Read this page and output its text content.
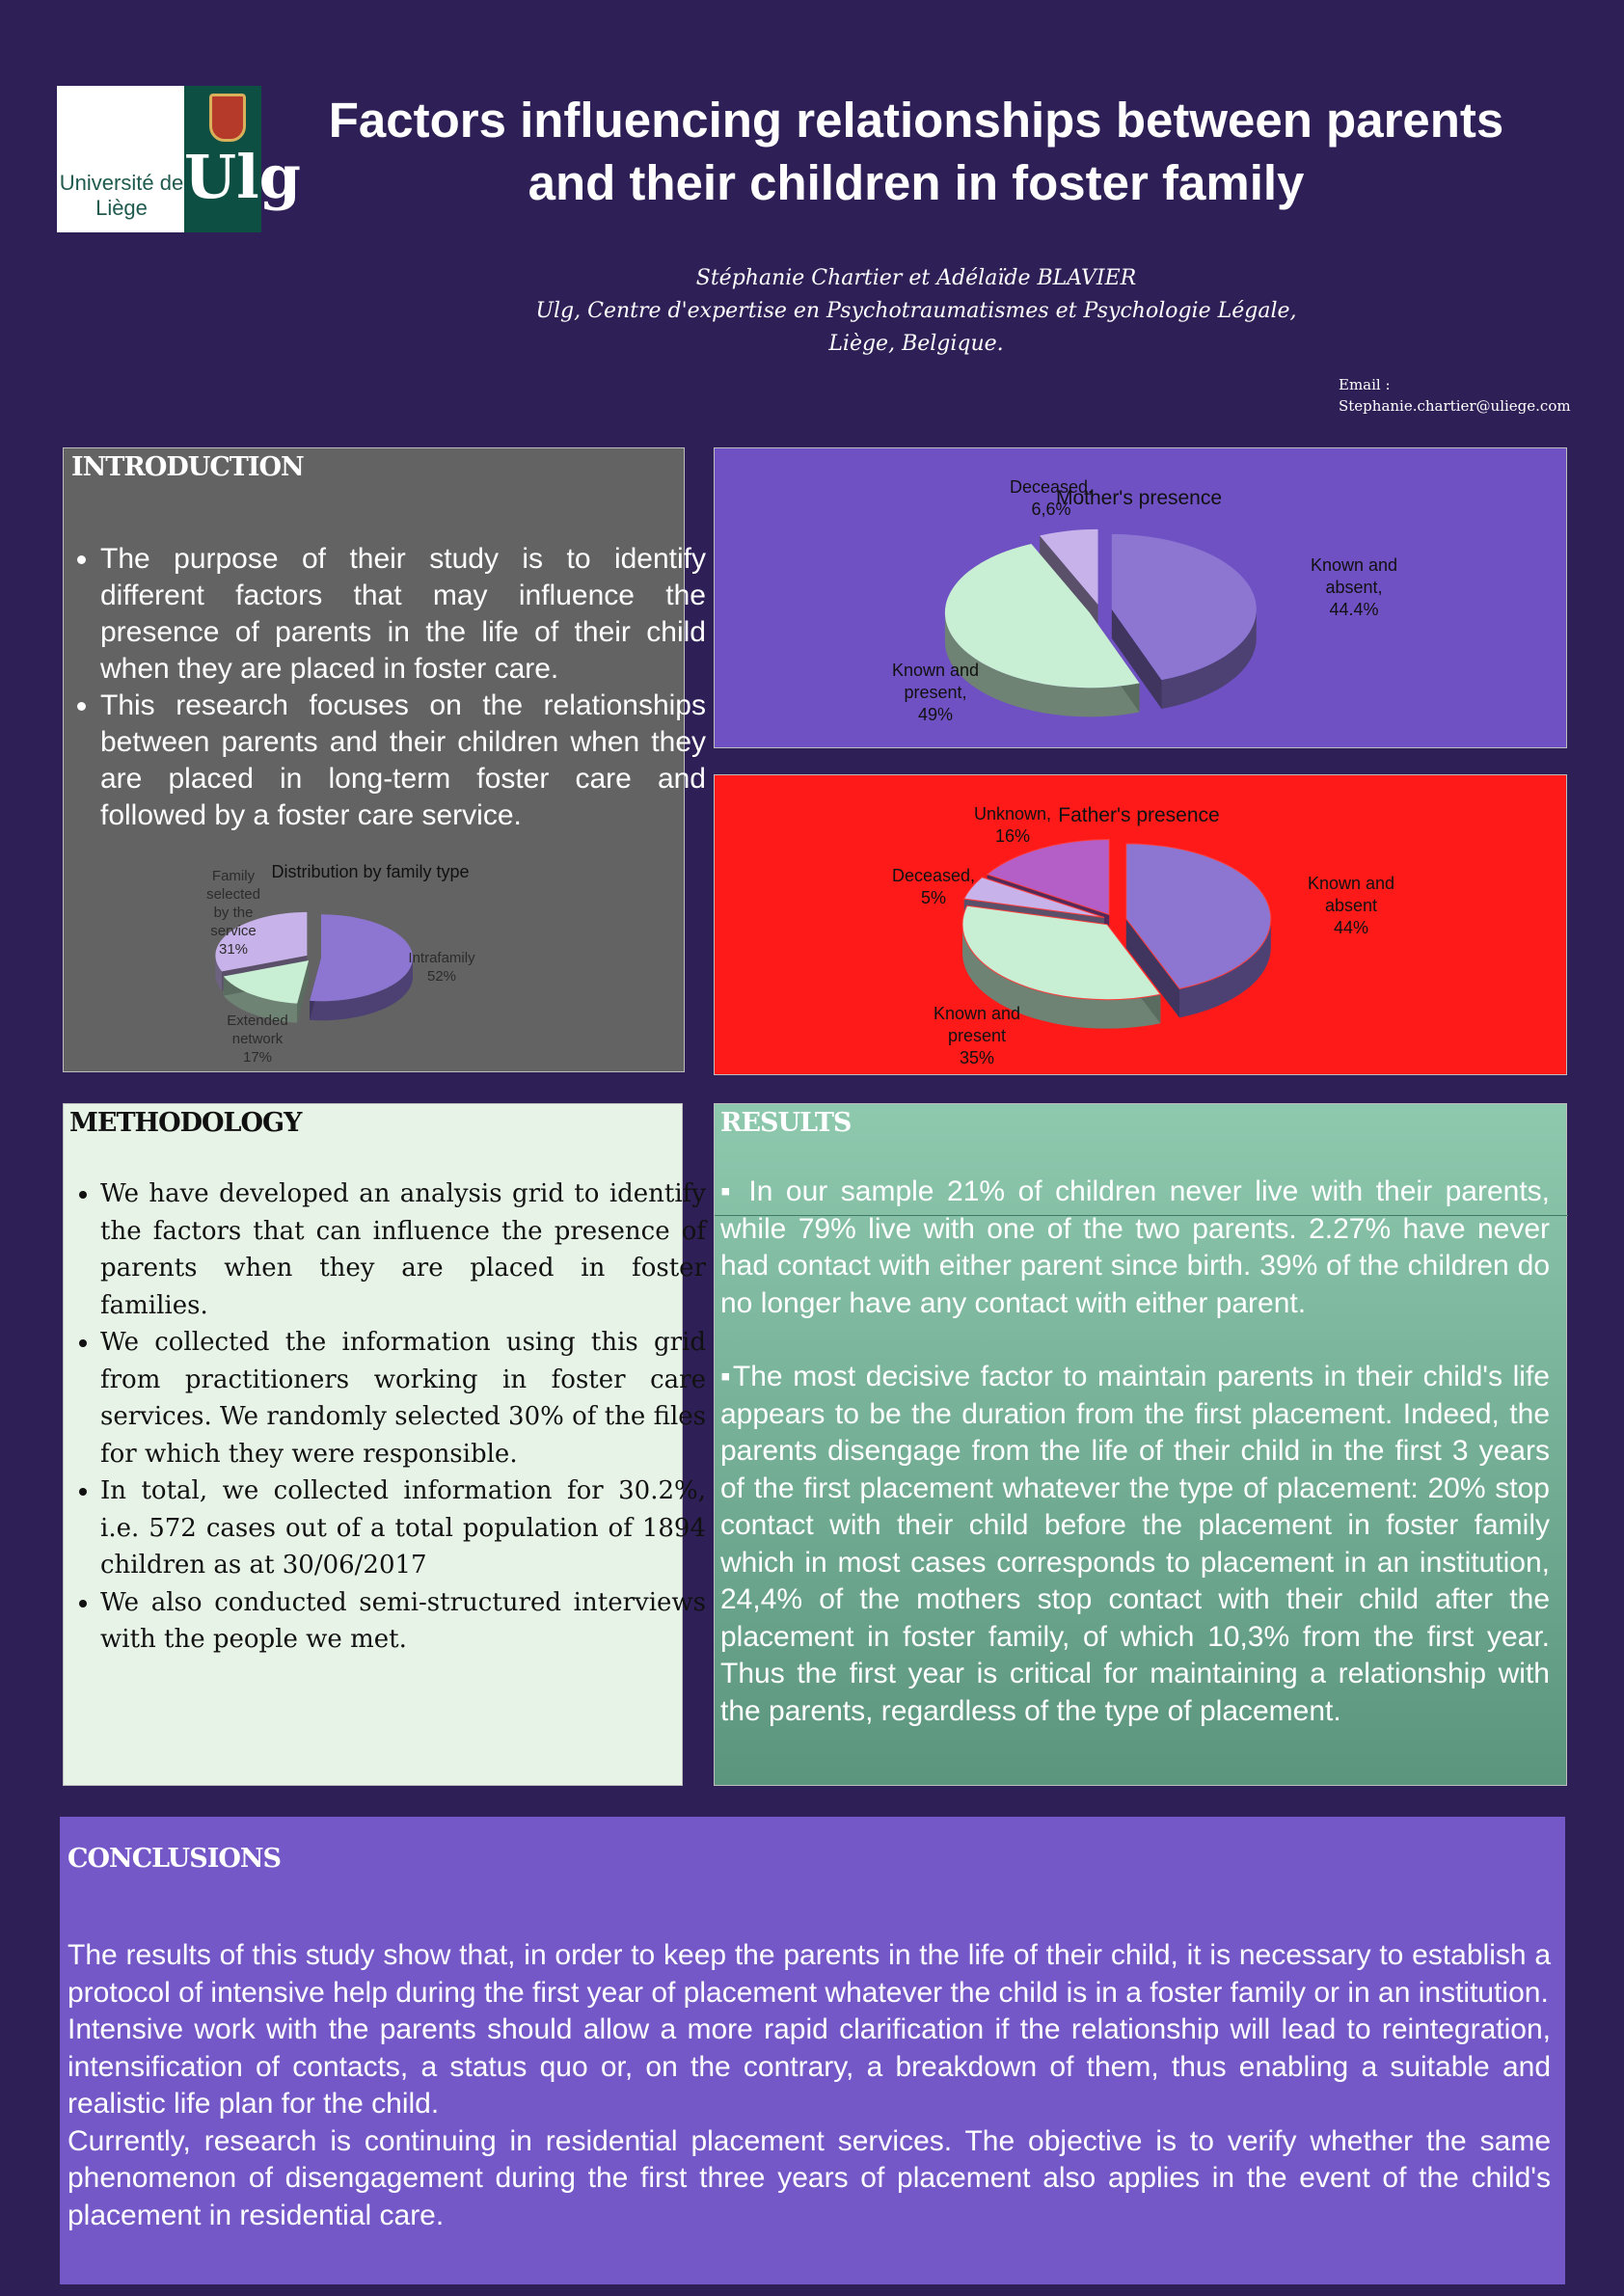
Université de Liège Ulg
Factors influencing relationships between parents and their children in foster family
Stéphanie Chartier et Adélaïde BLAVIER
Ulg, Centre d'expertise en Psychotraumatismes et Psychologie Légale,
Liège, Belgique.
Email :
Stephanie.chartier@uliege.com
INTRODUCTION
• The purpose of their study is to identify different factors that may influence the presence of parents in the life of their child when they are placed in foster care.
• This research focuses on the relationships between parents and their children when they are placed in long-term foster care and followed by a foster care service.
Distribution by family type
Intrafamily
52%
Extended
network
17%
Family
selected
by the
service
31%
Mother's presence
Known and
absent,
44.4%
Known and
present,
49%
Deceased,
6,6%
Father's presence
Known and
absent
44%
Known and
present
35%
Deceased,
5%
Unknown,
16%
METHODOLOGY
• We have developed an analysis grid to identify the factors that can influence the presence of parents when they are placed in foster families.
• We collected the information using this grid from practitioners working in foster care services. We randomly selected 30% of the files for which they were responsible.
• In total, we collected information for 30.2%, i.e. 572 cases out of a total population of 1894 children as at 30/06/2017
• We also conducted semi-structured interviews with the people we met.
RESULTS

▪ In our sample 21% of children never live with their parents, while 79% live with one of the two parents. 2.27% have never had contact with either parent since birth. 39% of the children do no longer have any contact with either parent.

▪The most decisive factor to maintain parents in their child's life appears to be the duration from the first placement. Indeed, the parents disengage from the life of their child in the first 3 years of the first placement whatever the type of placement: 20% stop contact with their child before the placement in foster family which in most cases corresponds to placement in an institution, 24,4% of the mothers stop contact with their child after the placement in foster family, of which 10,3% from the first year. Thus the first year is critical for maintaining a relationship with the parents, regardless of the type of placement.

CONCLUSIONS

The results of this study show that, in order to keep the parents in the life of their child, it is necessary to establish a protocol of intensive help during the first year of placement whatever the child is in a foster family or in an institution.

Intensive work with the parents should allow a more rapid clarification if the relationship will lead to reintegration, intensification of contacts, a status quo or, on the contrary, a breakdown of them, thus enabling a suitable and realistic life plan for the child.

Currently, research is continuing in residential placement services. The objective is to verify whether the same phenomenon of disengagement during the first three years of placement also applies in the event of the child's placement in residential care.
